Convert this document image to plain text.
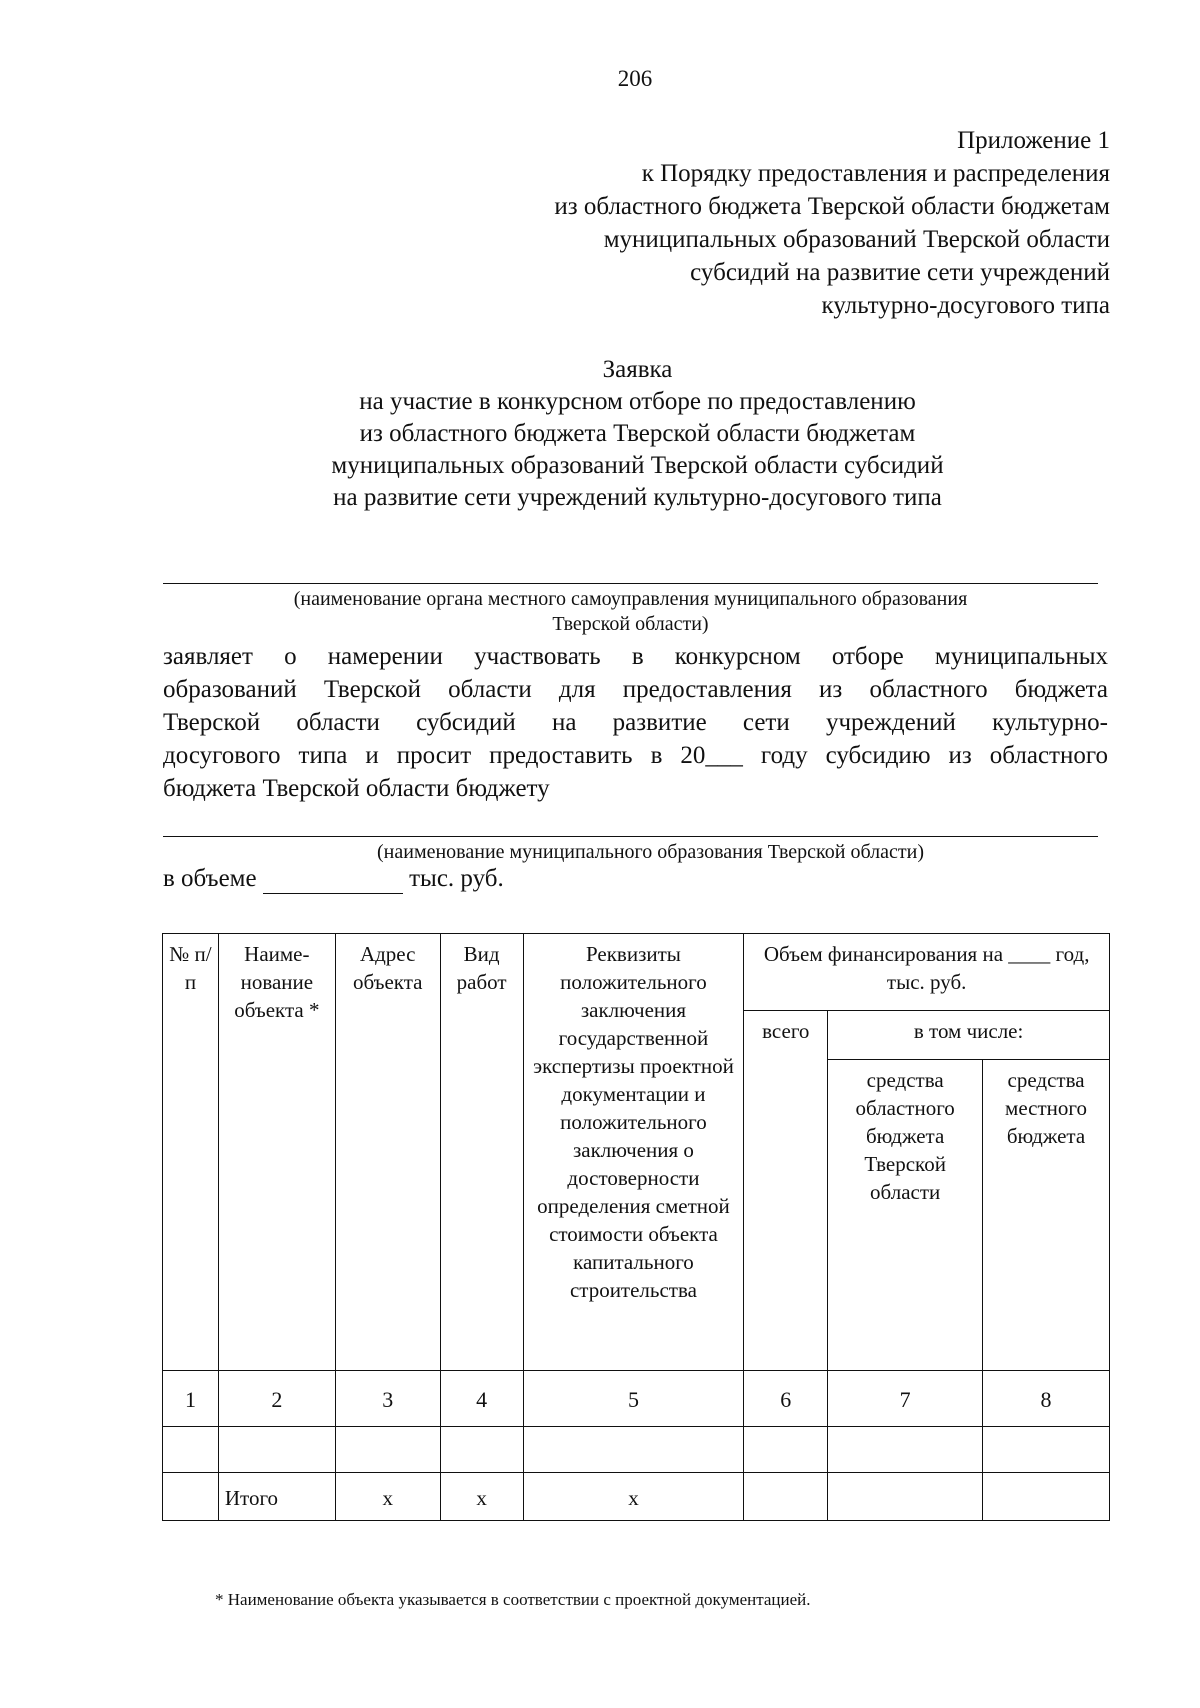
206
Приложение 1
к Порядку предоставления и распределения
из областного бюджета Тверской области бюджетам
муниципальных образований Тверской области
субсидий на развитие сети учреждений
культурно-досугового типа
Заявка
на участие в конкурсном отборе по предоставлению
из областного бюджета Тверской области бюджетам
муниципальных образований Тверской области субсидий
на развитие сети учреждений культурно-досугового типа
(наименование органа местного самоуправления муниципального образования
Тверской области)
заявляет о намерении участвовать в конкурсном отборе муниципальных
образований Тверской области для предоставления из областного бюджета
Тверской области субсидий на развитие сети учреждений культурно-
досугового типа и просит предоставить в 20___ году субсидию из областного
бюджета Тверской области бюджету
(наименование муниципального образования Тверской области)
в объеме	тыс. руб.
№ п/п	Наиме-нование объекта *	Адрес объекта	Вид работ	Реквизиты положительного заключения государственной экспертизы проектной документации и положительного заключения о достоверности определения сметной стоимости объекта капитального строительства	Объем финансирования на ____ год, тыс. руб.		
					всего	в том числе:	
						средства областного бюджета Тверской области	средства местного бюджета
1	2	3	4	5	6	7	8

	Итого	х	х	х			
* Наименование объекта указывается в соответствии с проектной документацией.
